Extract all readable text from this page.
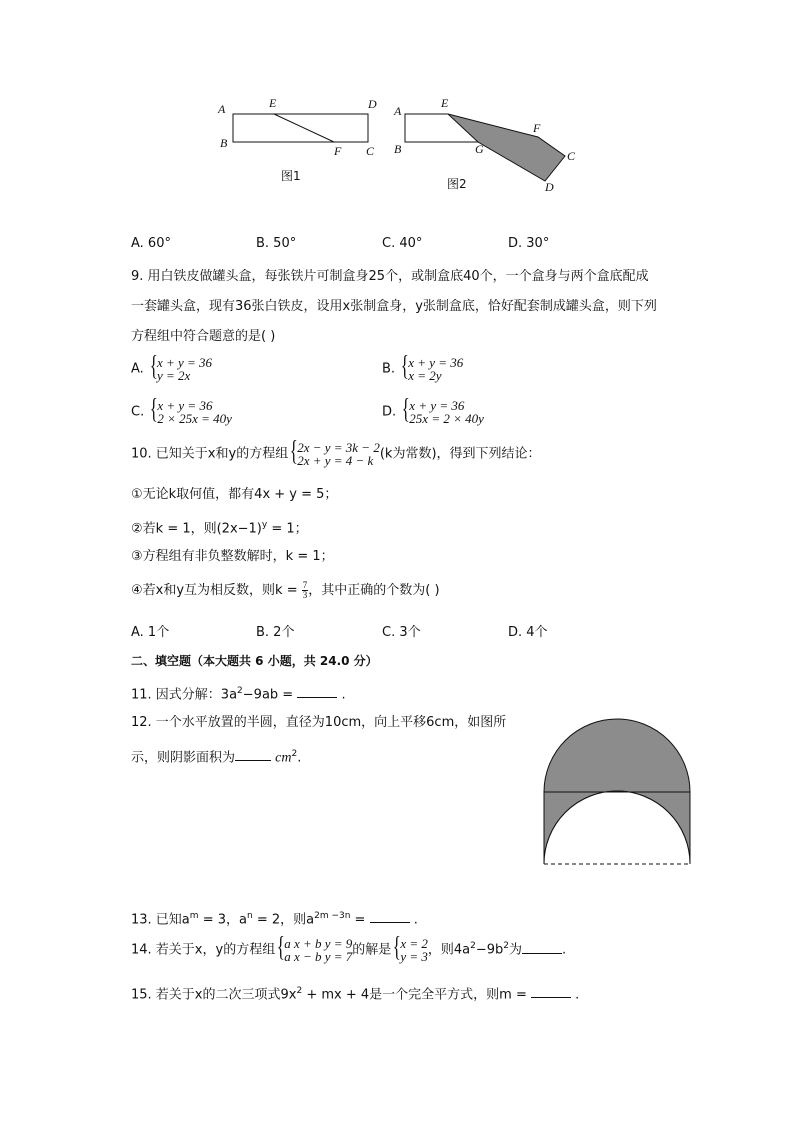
A
B
E	D
F C
图1
A
B
E
G
F
C
D
图2
A. 60°	B. 50°	C. 40°	D. 30°
9. 用白铁皮做罐头盒，每张铁片可制盒身25个，或制盒底40个，一个盒身与两个盒底配成
一套罐头盒，现有36张白铁皮，设用x张制盒身，y张制盒底，恰好配套制成罐头盒，则下列
方程组中符合题意的是( )
A. { x + y = 36
y = 2x	B. { x + y = 36
x = 2y
C. { x + y = 36
2 × 25x = 40y	D. { x + y = 36
25x = 2 × 40y
10. 已知关于x和y的方程组 { 2x − y = 3k − 2
2x + y = 4 − k (k为常数)，得到下列结论：
①无论k取何值，都有4x + y = 5；
②若k = 1，则$(2x-1)^y = 1$；
③方程组有非负整数解时，k = 1；
④若x和y互为相反数，则$k = \frac{7}{3}$ ，其中正确的个数为( )
A. 1个	B. 2个	C. 3个	D. 4个
二、填空题（本大题共 6 小题，共 24.0 分）
11. 因式分解：$3a^2-9ab$ =	.
12. 一个水平放置的半圆，直径为10cm，向上平移6cm，如图所
示，则阴影面积为	$cm^2$.
13. 已知$a^m = 3$，$a^n = 2$，则$a^{2m -3n}$ =	.
14. 若关于x，y的方程组 { a x + b y = 9
a x − b y = 7 的解是 { x = 2
y = 3 ，则$4a^2-9b^2$为	.
15. 若关于x的二次三项式$9x^2$ + mx + 4是一个完全平方式，则m =	.
